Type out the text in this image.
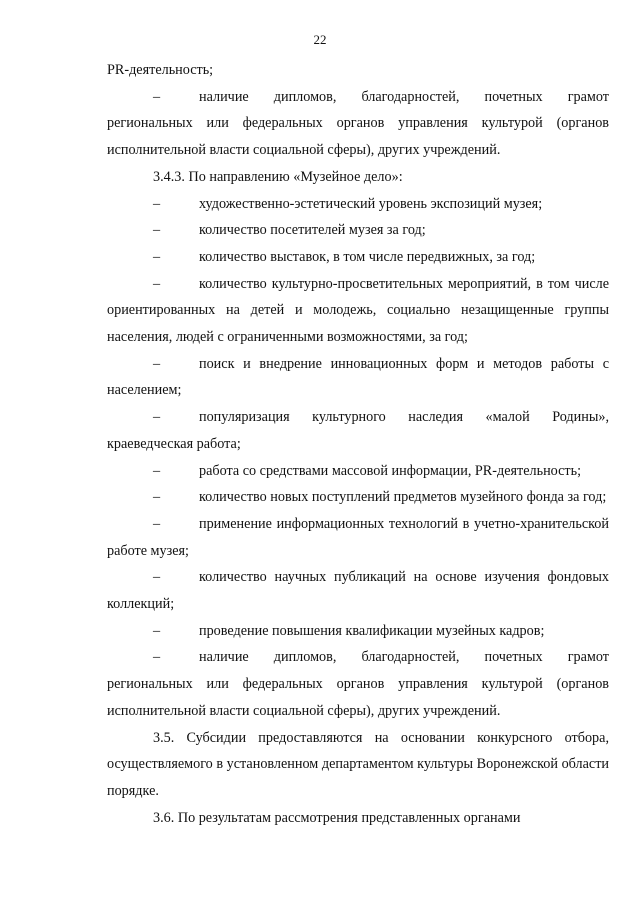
22

PR-деятельность;

–	наличие дипломов, благодарностей, почетных грамот региональных или федеральных органов управления культурой (органов исполнительной власти социальной сферы), других учреждений.

3.4.3. По направлению «Музейное дело»:

–	художественно-эстетический уровень экспозиций музея;

–	количество посетителей музея за год;

–	количество выставок, в том числе передвижных, за год;

–	количество культурно-просветительных мероприятий, в том числе ориентированных на детей и молодежь, социально незащищенные группы населения, людей с ограниченными возможностями, за год;

–	поиск и внедрение инновационных форм и методов работы с населением;

–	популяризация культурного наследия «малой Родины», краеведческая работа;

–	работа со средствами массовой информации, PR-деятельность;

–	количество новых поступлений предметов музейного фонда за год;

–	применение информационных технологий в учетно-хранительской работе музея;

–	количество научных публикаций на основе изучения фондовых коллекций;

–	проведение повышения квалификации музейных кадров;

–	наличие дипломов, благодарностей, почетных грамот региональных или федеральных органов управления культурой (органов исполнительной власти социальной сферы), других учреждений.

3.5. Субсидии предоставляются на основании конкурсного отбора, осуществляемого в установленном департаментом культуры Воронежской области порядке.

3.6. По результатам рассмотрения представленных органами
